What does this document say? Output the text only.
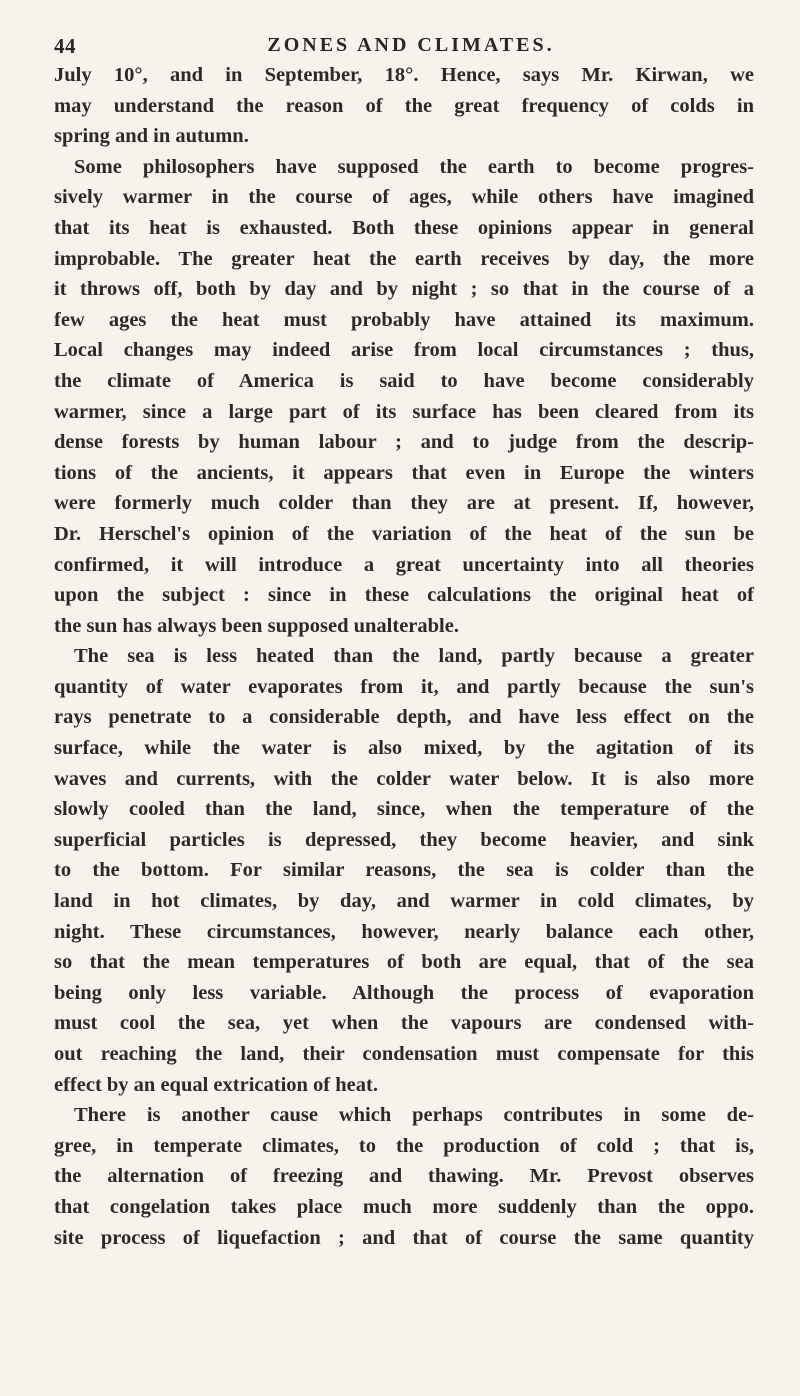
44	ZONES AND CLIMATES.
July 10°, and in September, 18°. Hence, says Mr. Kirwan, we
may understand the reason of the great frequency of colds in
spring and in autumn.
Some philosophers have supposed the earth to become progres-
sively warmer in the course of ages, while others have imagined
that its heat is exhausted. Both these opinions appear in general
improbable. The greater heat the earth receives by day, the more
it throws off, both by day and by night ; so that in the course of a
few ages the heat must probably have attained its maximum.
Local changes may indeed arise from local circumstances ; thus,
the climate of America is said to have become considerably
warmer, since a large part of its surface has been cleared from its
dense forests by human labour ; and to judge from the descrip-
tions of the ancients, it appears that even in Europe the winters
were formerly much colder than they are at present. If, however,
Dr. Herschel's opinion of the variation of the heat of the sun be
confirmed, it will introduce a great uncertainty into all theories
upon the subject : since in these calculations the original heat of
the sun has always been supposed unalterable.
The sea is less heated than the land, partly because a greater
quantity of water evaporates from it, and partly because the sun's
rays penetrate to a considerable depth, and have less effect on the
surface, while the water is also mixed, by the agitation of its
waves and currents, with the colder water below. It is also more
slowly cooled than the land, since, when the temperature of the
superficial particles is depressed, they become heavier, and sink
to the bottom. For similar reasons, the sea is colder than the
land in hot climates, by day, and warmer in cold climates, by
night. These circumstances, however, nearly balance each other,
so that the mean temperatures of both are equal, that of the sea
being only less variable. Although the process of evaporation
must cool the sea, yet when the vapours are condensed with-
out reaching the land, their condensation must compensate for this
effect by an equal extrication of heat.
There is another cause which perhaps contributes in some de-
gree, in temperate climates, to the production of cold ; that is,
the alternation of freezing and thawing. Mr. Prevost observes
that congelation takes place much more suddenly than the oppo.
site process of liquefaction ; and that of course the same quantity
